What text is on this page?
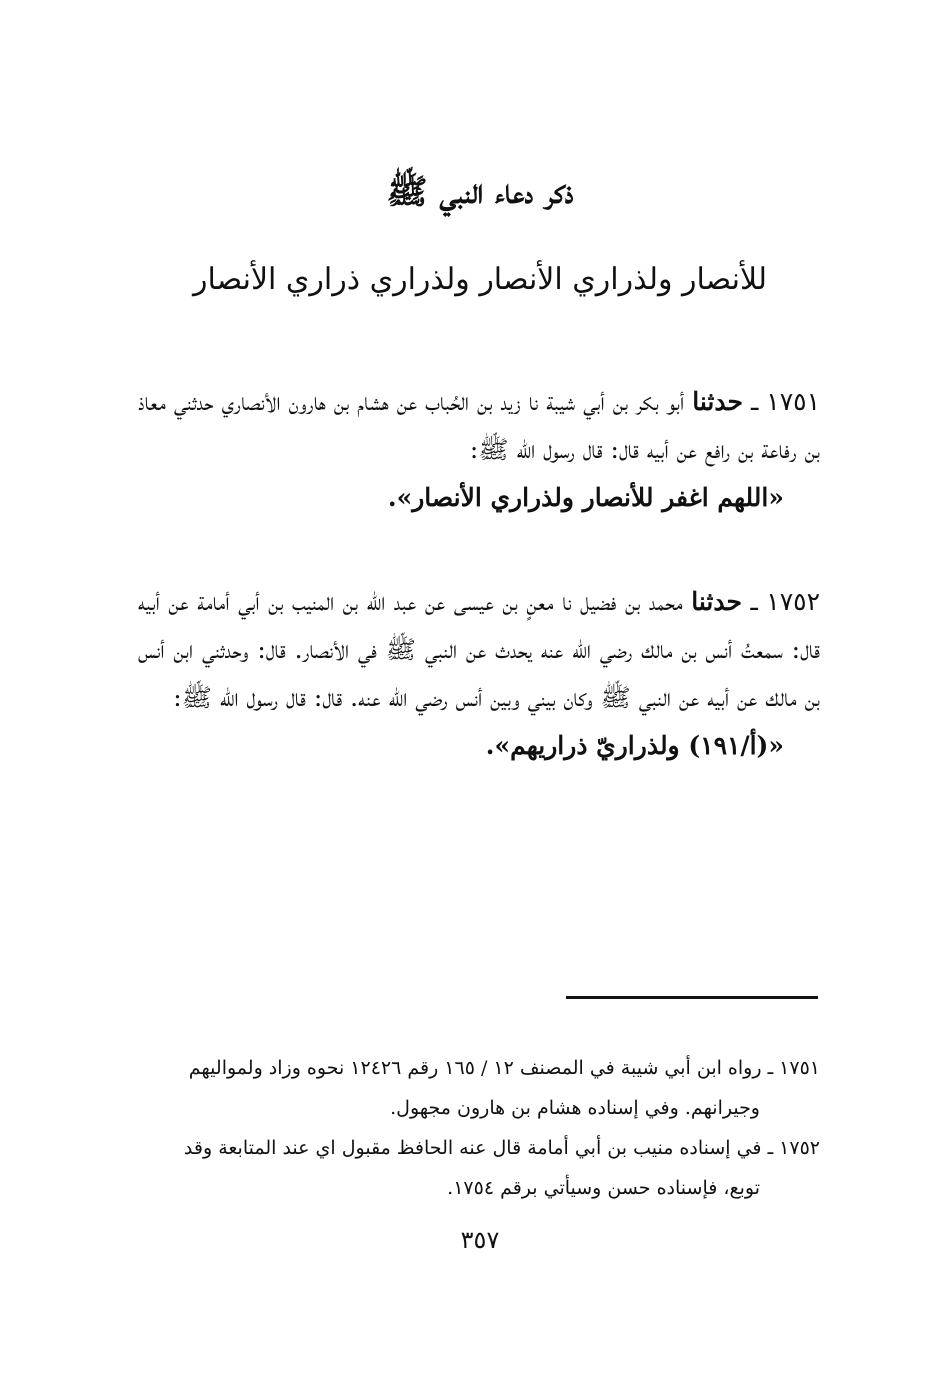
ذكر دعاء النبي ﷺ
للأنصار ولذراري الأنصار ولذراري ذراري الأنصار
١٧٥١ ـ حدثنا أبو بكر بن أبي شيبة نا زيد بن الحُباب عن هشام بن هارون الأنصاري حدثني معاذ بن رفاعة بن رافع عن أبيه قال: قال رسول الله ﷺ:
«اللهم اغفر للأنصار ولذراري الأنصار».
١٧٥٢ ـ حدثنا محمد بن فضيل نا معنٍ بن عيسى عن عبد الله بن المنيب بن أبي أمامة عن أبيه قال: سمعتُ أنس بن مالك رضي الله عنه يحدث عن النبي ﷺ في الأنصار. قال: وحدثني ابن أنس بن مالك عن أبيه عن النبي ﷺ وكان بيني وبين أنس رضي الله عنه. قال: قال رسول الله ﷺ:
«(أ/١٩١) ولذراريّ ذراريهم».

١٧٥١ ـ رواه ابن أبي شيبة في المصنف ١٢ / ١٦٥ رقم ١٢٤٢٦ نحوه وزاد ولمواليهم

وجيرانهم. وفي إسناده هشام بن هارون مجهول.

١٧٥٢ ـ في إسناده منيب بن أبي أمامة قال عنه الحافظ مقبول اي عند المتابعة وقد

توبع، فإسناده حسن وسيأتي برقم ١٧٥٤.

٣٥٧
